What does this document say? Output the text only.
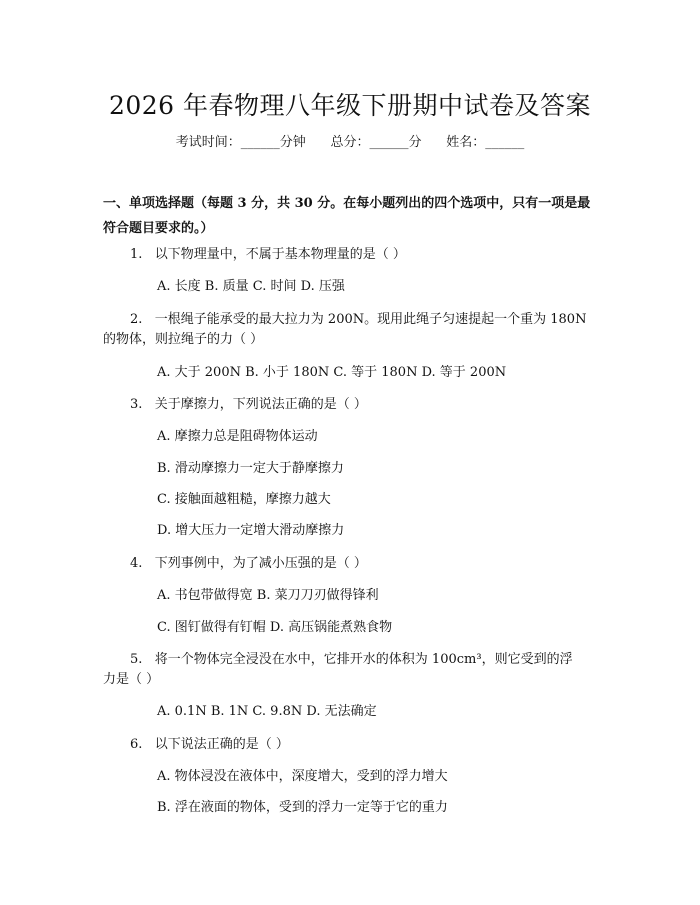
2026 年春物理八年级下册期中试卷及答案
考试时间：______分钟      总分：______分      姓名：______
一、单项选择题（每题 3 分，共 30 分。在每小题列出的四个选项中，只有一项是最符合题目要求的。）
1.   以下物理量中，不属于基本物理量的是（ ）
A. 长度 B. 质量 C. 时间 D. 压强
2.   一根绳子能承受的最大拉力为 200N。现用此绳子匀速提起一个重为 180N
的物体，则拉绳子的力（ ）
A. 大于 200N B. 小于 180N C. 等于 180N D. 等于 200N
3.   关于摩擦力，下列说法正确的是（ ）
A. 摩擦力总是阻碍物体运动
B. 滑动摩擦力一定大于静摩擦力
C. 接触面越粗糙，摩擦力越大
D. 增大压力一定增大滑动摩擦力
4.   下列事例中，为了减小压强的是（ ）
A. 书包带做得宽 B. 菜刀刀刃做得锋利
C. 图钉做得有钉帽 D. 高压锅能煮熟食物
5.   将一个物体完全浸没在水中，它排开水的体积为 100cm³，则它受到的浮
力是（ ）
A. 0.1N B. 1N C. 9.8N D. 无法确定
6.   以下说法正确的是（ ）
A. 物体浸没在液体中，深度增大，受到的浮力增大
B. 浮在液面的物体，受到的浮力一定等于它的重力
